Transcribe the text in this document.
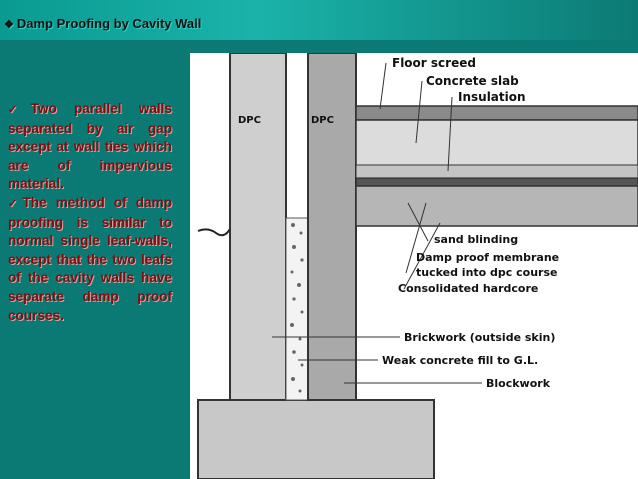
❖ Damp Proofing by Cavity Wall

✓Two parallel walls separated by air gap except at wall ties which are of impervious material.

✓The method of damp proofing is similar to normal single leaf-walls, except that the two leafs of the cavity walls have separate damp proof courses.

DPC	DPC
Floor screed
Concrete slab
Insulation
sand blinding
Damp proof membrane
tucked into dpc course
Consolidated hardcore
Brickwork (outside skin)
Weak concrete fill to G.L.
Blockwork
